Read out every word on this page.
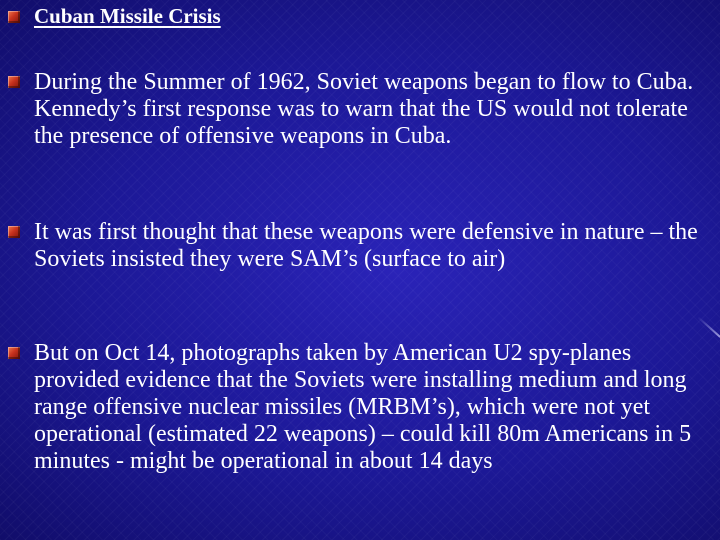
Cuban Missile Crisis

During the Summer of 1962, Soviet weapons began to flow to Cuba. Kennedy’s first response was to warn that the US would not tolerate the presence of offensive weapons in Cuba.

It was first thought that these weapons were defensive in nature – the Soviets insisted they were SAM’s (surface to air)

But on Oct 14, photographs taken by American U2 spy-planes provided evidence that the Soviets were installing medium and long range offensive nuclear missiles (MRBM’s), which were not yet operational (estimated 22 weapons) – could kill 80m Americans in 5 minutes - might be operational in about 14 days
